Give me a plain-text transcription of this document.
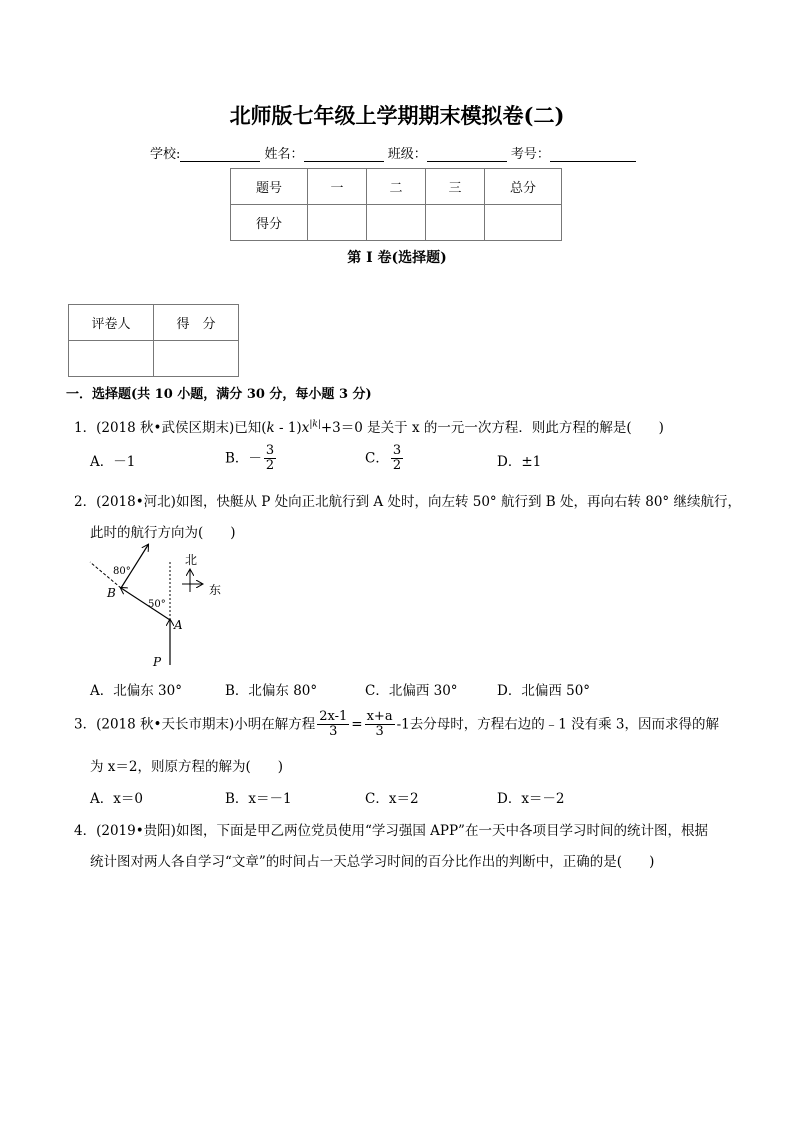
北师版七年级上学期期末模拟卷(二)
学校:	姓名：	班级：	考号：
题号	一	二	三	总分
得分				
第 I 卷(选择题)
评卷人	得　分

一．选择题(共 10 小题，满分 30 分，每小题 3 分)
1．(2018 秋•武侯区期末)已知$(k - 1)x^{|k|}+3=0$ 是关于 x 的一元一次方程．则此方程的解是(　　)
A．－1	B．－ $\frac{3}{2}$	C． $\frac{3}{2}$	D．±1
2．(2018•河北)如图，快艇从 P 处向正北航行到 A 处时，向左转 50° 航行到 B 处，再向右转 80° 继续航行，
此时的航行方向为(　　)
80°
50°
B
A
P
北
东
A．北偏东 30°	B．北偏东 80°	C．北偏西 30°	D．北偏西 50°
3．(2018 秋•天长市期末)小明在解方程 $\frac{2x-1}{3} = \frac{x+a}{3} -1$去分母时，方程右边的﹣1 没有乘 3，因而求得的解
为 x＝2，则原方程的解为(　　)
A．x＝0	B．x＝－1	C．x＝2	D．x＝－2
4．(2019•贵阳)如图，下面是甲乙两位党员使用“学习强国 APP”在一天中各项目学习时间的统计图，根据
统计图对两人各自学习“文章”的时间占一天总学习时间的百分比作出的判断中，正确的是(　　)
